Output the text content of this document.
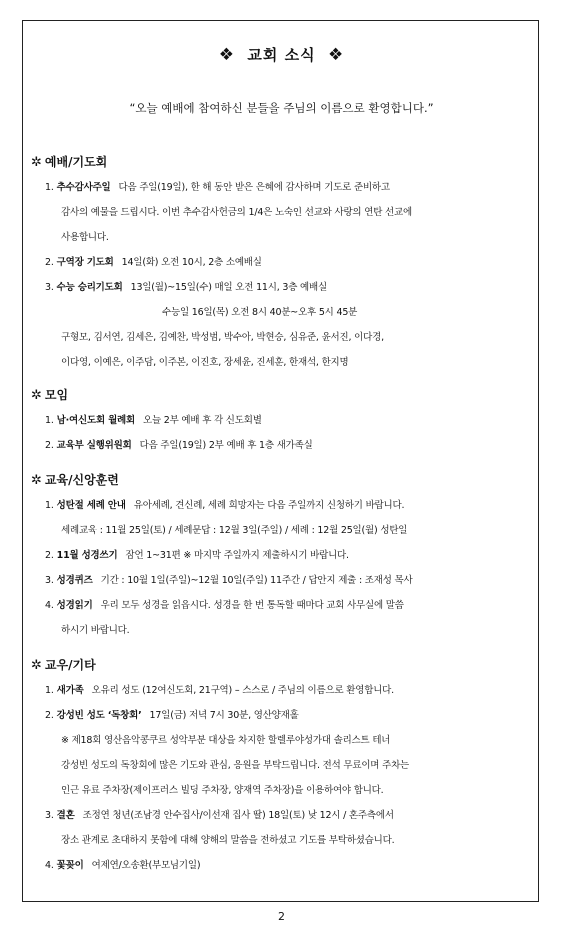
❖ 교회 소식 ❖
“오늘 예배에 참여하신 분들을 주님의 이름으로 환영합니다.”
✲ 예배/기도회
1. 추수감사주일 다음 주일(19일), 한 해 동안 받은 은혜에 감사하며 기도로 준비하고
감사의 예물을 드립시다. 이번 추수감사헌금의 1/4은 노숙인 선교와 사랑의 연탄 선교에
사용합니다.
2. 구역장 기도회 14일(화) 오전 10시, 2층 소예배실
3. 수능 승리기도회 13일(월)~15일(수) 매일 오전 11시, 3층 예배실
수능일 16일(목) 오전 8시 40분~오후 5시 45분
구형모, 김서연, 김세은, 김예찬, 박성범, 박수아, 박현승, 심유준, 윤서진, 이다경,
이다영, 이예은, 이주담, 이주본, 이진호, 장세윤, 진세훈, 한재석, 한지명
✲ 모임
1. 남·여신도회 월례회 오늘 2부 예배 후 각 신도회별
2. 교육부 실행위원회 다음 주일(19일) 2부 예배 후 1층 새가족실
✲ 교육/신앙훈련
1. 성탄절 세례 안내 유아세례, 견신례, 세례 희망자는 다음 주일까지 신청하기 바랍니다.
세례교육 : 11월 25일(토) / 세례문답 : 12월 3일(주일) / 세례 : 12월 25일(월) 성탄일
2. 11월 성경쓰기 잠언 1~31편 ※ 마지막 주일까지 제출하시기 바랍니다.
3. 성경퀴즈 기간 : 10월 1일(주일)~12월 10일(주일) 11주간 / 답안지 제출 : 조재성 목사
4. 성경읽기 우리 모두 성경을 읽읍시다. 성경을 한 번 통독할 때마다 교회 사무실에 말씀
하시기 바랍니다.
✲ 교우/기타
1. 새가족 오유리 성도 (12여신도회, 21구역) – 스스로 / 주님의 이름으로 환영합니다.
2. 강성빈 성도 ‘독창회’ 17일(금) 저녁 7시 30분, 영산양재홀
※ 제18회 영산음악콩쿠르 성악부분 대상을 차지한 할렐루야성가대 솔리스트 테너
강성빈 성도의 독창회에 많은 기도와 관심, 응원을 부탁드립니다. 전석 무료이며 주차는
인근 유료 주차장(제이프러스 빌딩 주차장, 양재역 주차장)을 이용하여야 합니다.
3. 결혼 조정연 청년(조남경 안수집사/이선재 집사 딸) 18일(토) 낮 12시 / 혼주측에서
장소 관계로 초대하지 못함에 대해 양해의 말씀을 전하셨고 기도를 부탁하셨습니다.
4. 꽃꽂이 여제연/오송환(부모님기일)
2
